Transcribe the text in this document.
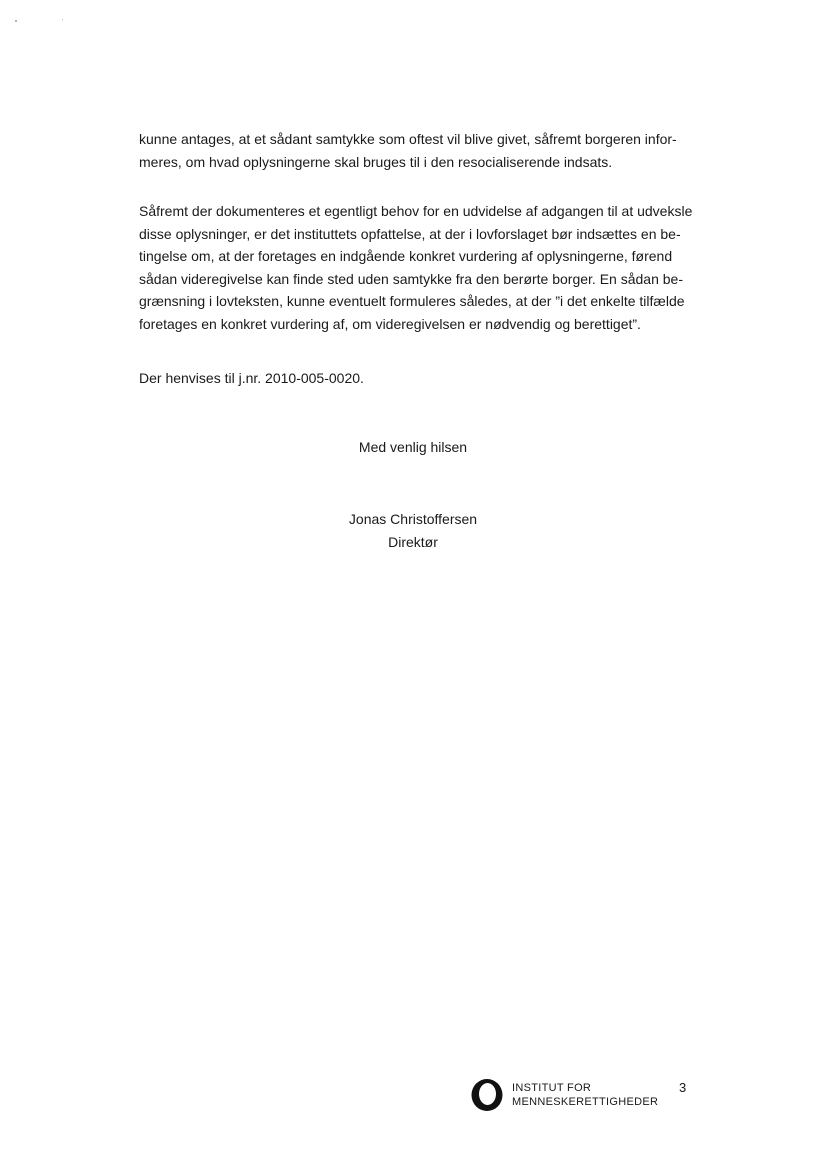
kunne antages, at et sådant samtykke som oftest vil blive givet, såfremt borgeren infor-
meres, om hvad oplysningerne skal bruges til i den resocialiserende indsats.
Såfremt der dokumenteres et egentligt behov for en udvidelse af adgangen til at udveksle
disse oplysninger, er det instituttets opfattelse, at der i lovforslaget bør indsættes en be-
tingelse om, at der foretages en indgående konkret vurdering af oplysningerne, førend
sådan videregivelse kan finde sted uden samtykke fra den berørte borger. En sådan be-
grænsning i lovteksten, kunne eventuelt formuleres således, at der ”i det enkelte tilfælde
foretages en konkret vurdering af, om videregivelsen er nødvendig og berettiget”.
Der henvises til j.nr. 2010-005-0020.
Med venlig hilsen
Jonas Christoffersen
Direktør
INSTITUT FOR
MENNESKERETTIGHEDER
3
